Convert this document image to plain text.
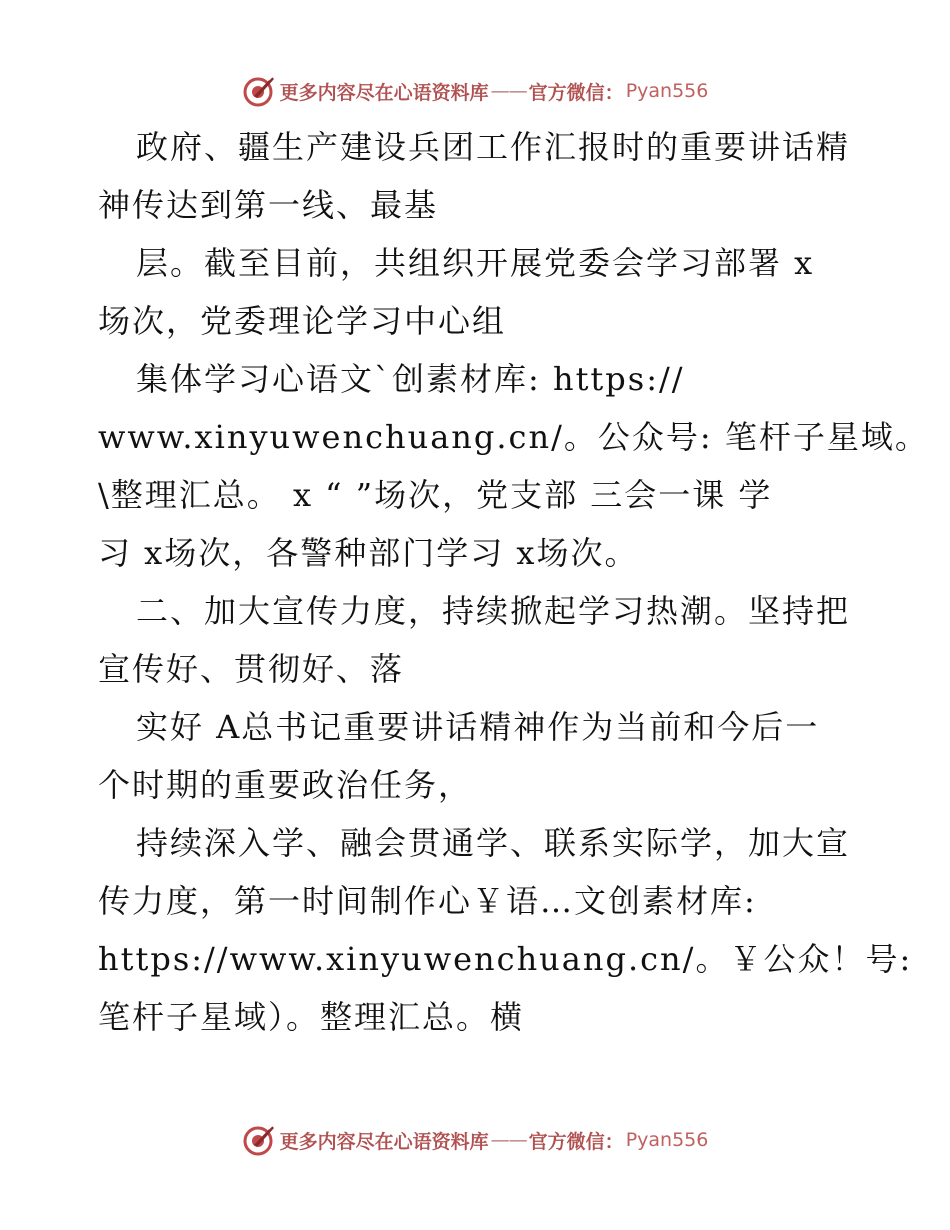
更多内容尽在心语资料库 —— 官方微信： Pyan556
政府、疆生产建设兵团工作汇报时的重要讲话精
神传达到第一线、最基
层。截至目前，共组织开展党委会学习部署 x
场次，党委理论学习中心组
集体学习心语文`创素材库: https://
www.xinyuwenchuang.cn/。公众号: 笔杆子星域。
\整理汇总。 x “ ”场次，党支部 三会一课 学
习 x场次，各警种部门学习 x场次。
二、加大宣传力度，持续掀起学习热潮。坚持把
宣传好、贯彻好、落
实好 A总书记重要讲话精神作为当前和今后一
个时期的重要政治任务，
持续深入学、融会贯通学、联系实际学，加大宣
传力度，第一时间制作心￥语…文创素材库:
https://www.xinyuwenchuang.cn/。￥公众！号:
笔杆子星域）。整理汇总。横
更多内容尽在心语资料库 —— 官方微信： Pyan556
